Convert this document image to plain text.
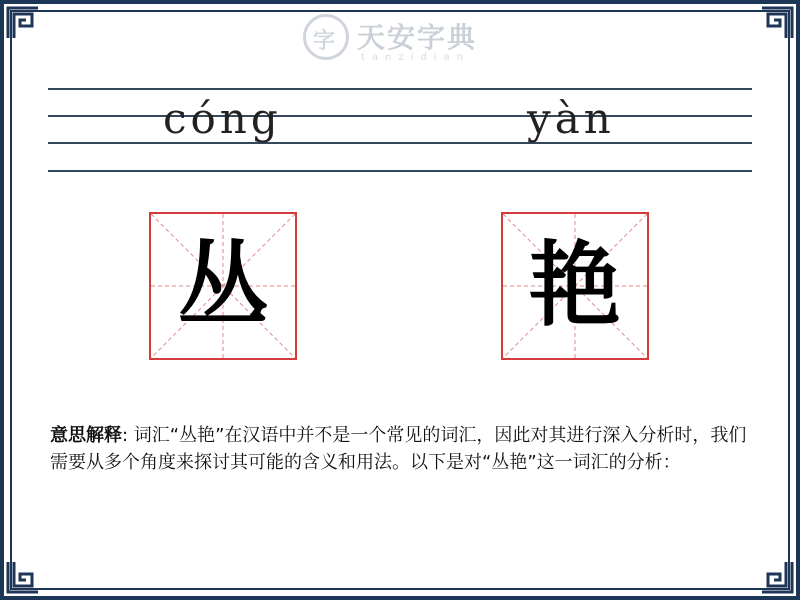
字 天安字典
tanzidian
cóng	yàn
丛	艳
意思解释: 词汇“丛艳”在汉语中并不是一个常见的词汇，因此对其进行深入分析时，我们需要从多个角度来探讨其可能的含义和用法。以下是对“丛艳”这一词汇的分析：
